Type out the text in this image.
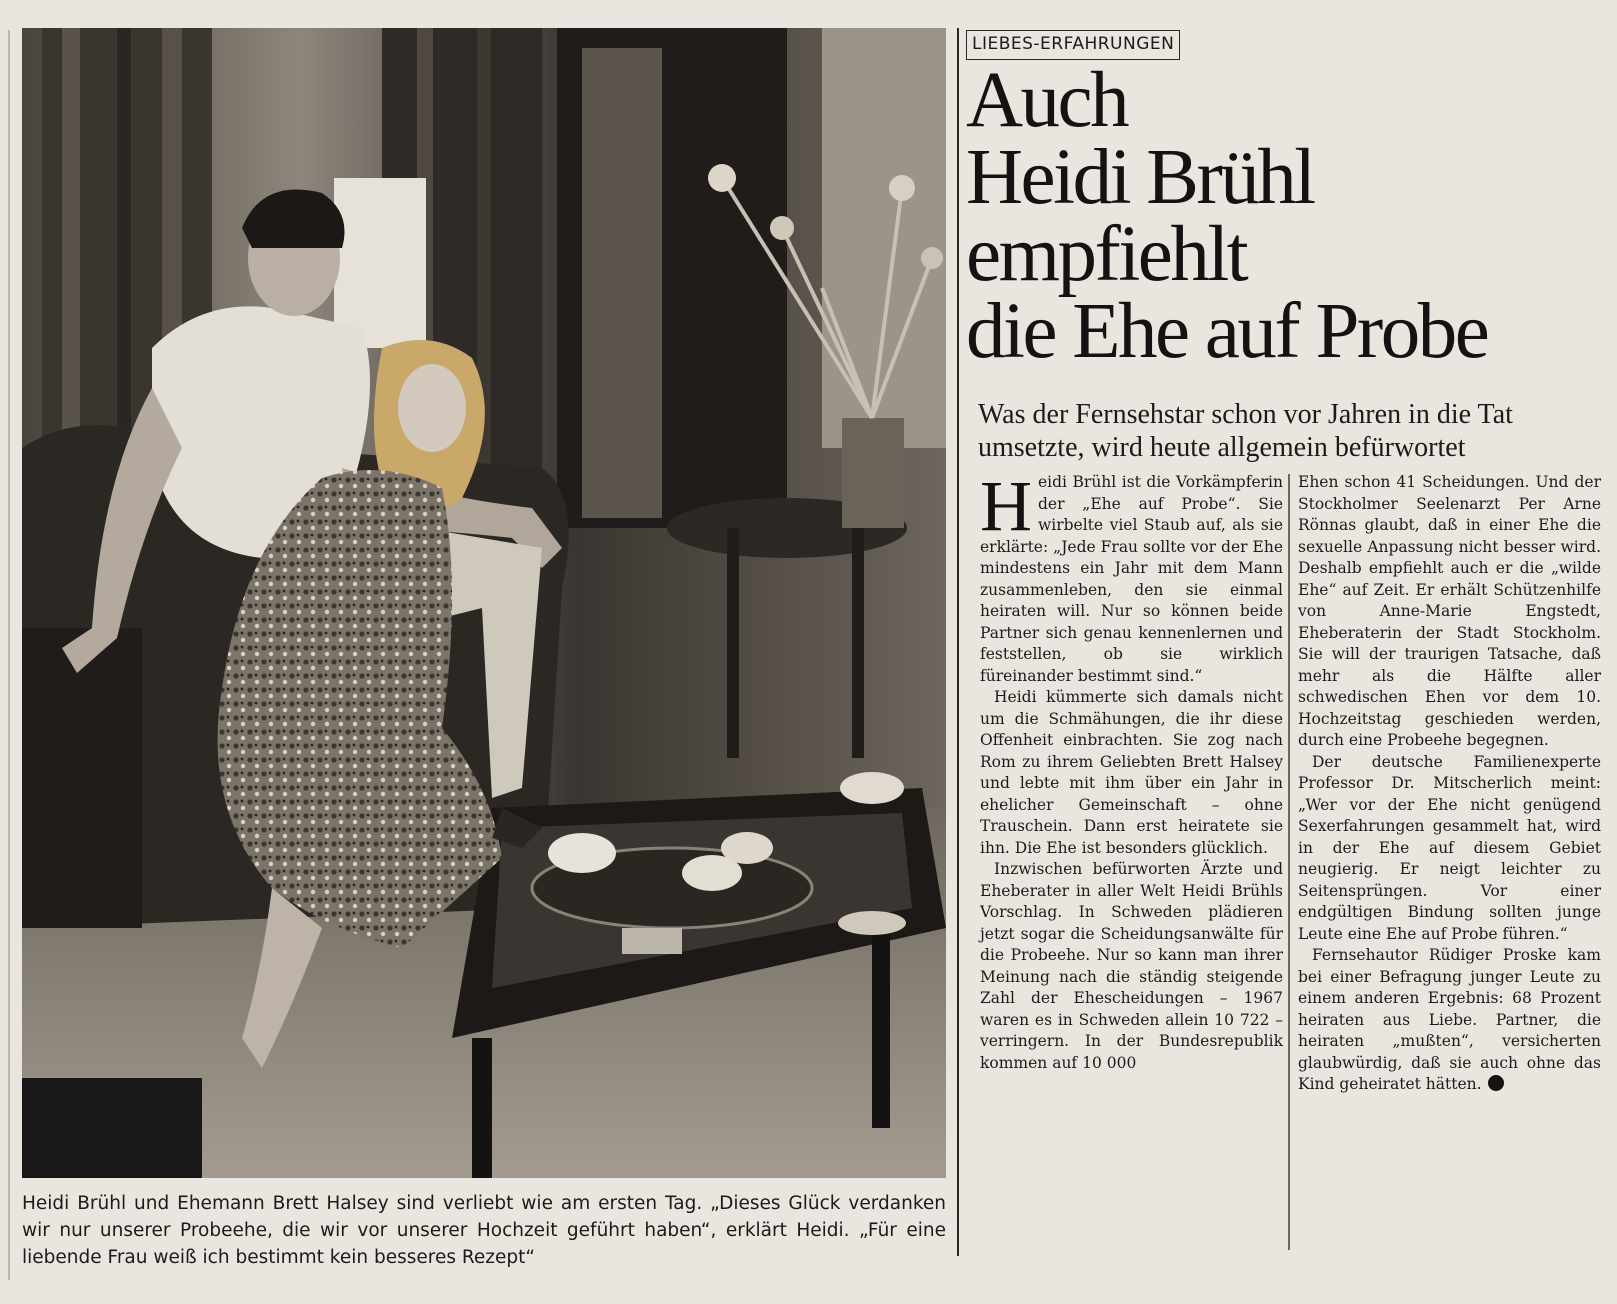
Heidi Brühl und Ehemann Brett Halsey sind verliebt wie am ersten Tag. „Dieses Glück verdanken wir nur unserer Probeehe, die wir vor unserer Hochzeit geführt haben“, erklärt Heidi. „Für eine liebende Frau weiß ich bestimmt kein besseres Rezept“
LIEBES-ERFAHRUNGEN
Auch
Heidi Brühl
empfiehlt
die Ehe auf Probe
Was der Fernsehstar schon vor Jahren in die Tat umsetzte, wird heute allgemein befürwortet

Heidi Brühl ist die Vorkämpferin der „Ehe auf Probe“. Sie wirbelte viel Staub auf, als sie erklärte: „Jede Frau sollte vor der Ehe mindestens ein Jahr mit dem Mann zusammenleben, den sie einmal heiraten will. Nur so können beide Partner sich genau kennenlernen und feststellen, ob sie wirklich füreinander bestimmt sind.“

Heidi kümmerte sich damals nicht um die Schmähungen, die ihr diese Offenheit einbrachten. Sie zog nach Rom zu ihrem Geliebten Brett Halsey und lebte mit ihm über ein Jahr in ehelicher Gemeinschaft – ohne Trauschein. Dann erst heiratete sie ihn. Die Ehe ist besonders glücklich.

Inzwischen befürworten Ärzte und Eheberater in aller Welt Heidi Brühls Vorschlag. In Schweden plädieren jetzt sogar die Scheidungsanwälte für die Probeehe. Nur so kann man ihrer Meinung nach die ständig steigende Zahl der Ehescheidungen – 1967 waren es in Schweden allein 10 722 – verringern. In der Bundesrepublik kommen auf 10 000

Ehen schon 41 Scheidungen. Und der Stockholmer Seelenarzt Per Arne Rönnas glaubt, daß in einer Ehe die sexuelle Anpassung nicht besser wird. Deshalb empfiehlt auch er die „wilde Ehe“ auf Zeit. Er erhält Schützenhilfe von Anne-Marie Engstedt, Eheberaterin der Stadt Stockholm. Sie will der traurigen Tatsache, daß mehr als die Hälfte aller schwedischen Ehen vor dem 10. Hochzeitstag geschieden werden, durch eine Probeehe begegnen.

Der deutsche Familienexperte Professor Dr. Mitscherlich meint: „Wer vor der Ehe nicht genügend Sexerfahrungen gesammelt hat, wird in der Ehe auf diesem Gebiet neugierig. Er neigt leichter zu Seitensprüngen. Vor einer endgültigen Bindung sollten junge Leute eine Ehe auf Probe führen.“

Fernsehautor Rüdiger Proske kam bei einer Befragung junger Leute zu einem anderen Ergebnis: 68 Prozent heiraten aus Liebe. Partner, die heiraten „mußten“, versicherten glaubwürdig, daß sie auch ohne das Kind geheiratet hätten.
